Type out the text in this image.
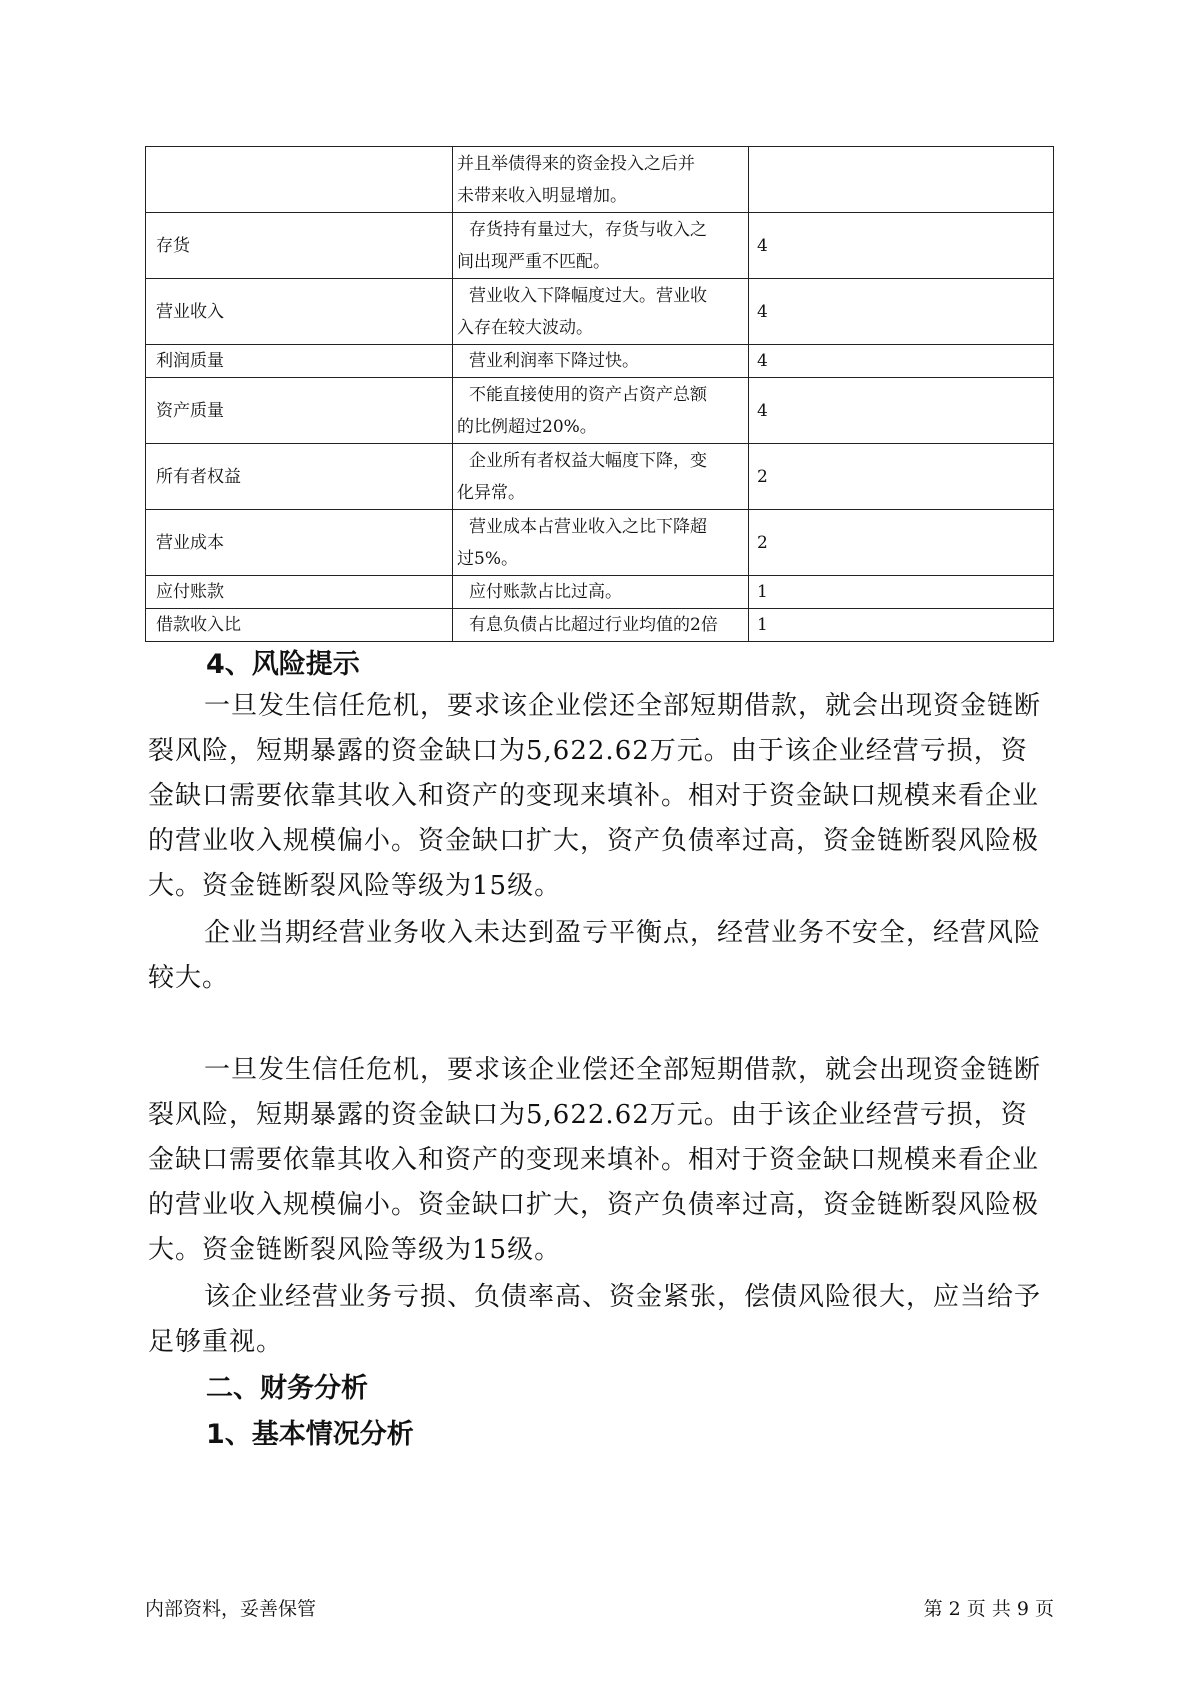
	并且举债得来的资金投入之后并
未带来收入明显增加。	

存货	存货持有量过大，存货与收入之
间出现严重不匹配。	4
营业收入	营业收入下降幅度过大。营业收
入存在较大波动。	4
利润质量	营业利润率下降过快。	4
资产质量	不能直接使用的资产占资产总额
的比例超过20%。	4
所有者权益	企业所有者权益大幅度下降，变
化异常。	2
营业成本	营业成本占营业收入之比下降超
过5%。	2
应付账款	应付账款占比过高。	1
借款收入比	有息负债占比超过行业均值的2倍	1
4、风险提示

一旦发生信任危机，要求该企业偿还全部短期借款，就会出现资金链断裂风险，短期暴露的资金缺口为5,622.62万元。由于该企业经营亏损，资金缺口需要依靠其收入和资产的变现来填补。相对于资金缺口规模来看企业的营业收入规模偏小。资金缺口扩大，资产负债率过高，资金链断裂风险极大。资金链断裂风险等级为15级。

企业当期经营业务收入未达到盈亏平衡点，经营业务不安全，经营风险较大。

一旦发生信任危机，要求该企业偿还全部短期借款，就会出现资金链断裂风险，短期暴露的资金缺口为5,622.62万元。由于该企业经营亏损，资金缺口需要依靠其收入和资产的变现来填补。相对于资金缺口规模来看企业的营业收入规模偏小。资金缺口扩大，资产负债率过高，资金链断裂风险极大。资金链断裂风险等级为15级。

该企业经营业务亏损、负债率高、资金紧张，偿债风险很大，应当给予足够重视。

二、财务分析
1、基本情况分析
内部资料，妥善保管	第 2 页 共 9 页
